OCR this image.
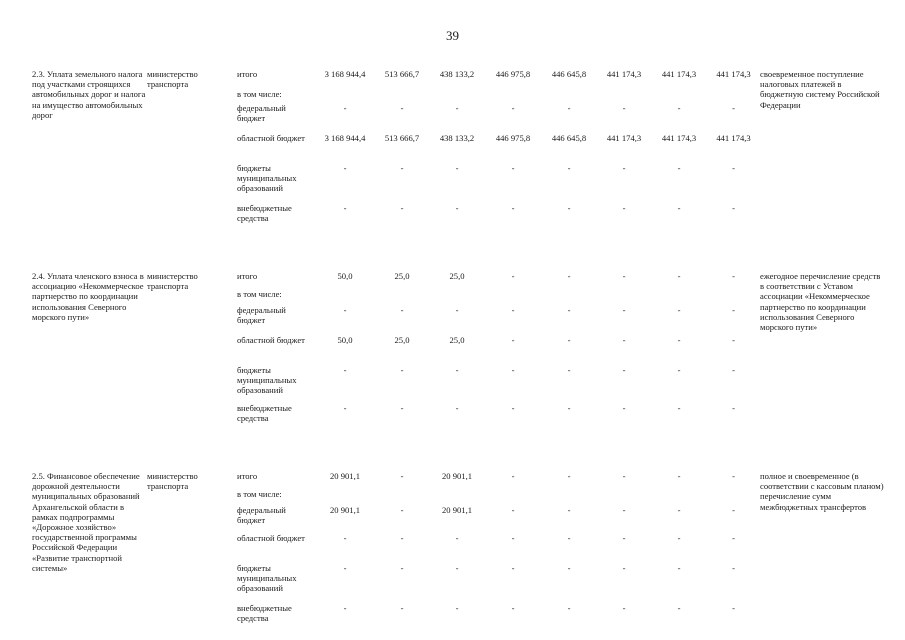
39
2.3. Уплата земельного налога под участками строящихся автомобильных дорог и налога на имущество автомобильных дорог	министерство транспорта	итого	3 168 944,4	513 666,7	438 133,2	446 975,8	446 645,8	441 174,3	441 174,3	441 174,3	своевременное поступление налоговых платежей в бюджетную систему Российской Федерации
		в том числе:									
		федеральный бюджет	-	-	-	-	-	-	-	-	
		областной бюджет	3 168 944,4	513 666,7	438 133,2	446 975,8	446 645,8	441 174,3	441 174,3	441 174,3	
		бюджеты муниципальных образований	-	-	-	-	-	-	-	-	
		внебюджетные средства	-	-	-	-	-	-	-	-	

2.4. Уплата членского взноса в ассоциацию «Некоммерческое партнерство по координации использования Северного морского пути»	министерство транспорта	итого	50,0	25,0	25,0	-	-	-	-	-	ежегодное перечисление средств в соответствии с Уставом ассоциации «Некоммерческое партнерство по координации использования Северного морского пути»
		в том числе:									
		федеральный бюджет	-	-	-	-	-	-	-	-	
		областной бюджет	50,0	25,0	25,0	-	-	-	-	-	
		бюджеты муниципальных образований	-	-	-	-	-	-	-	-	
		внебюджетные средства	-	-	-	-	-	-	-	-	

2.5. Финансовое обеспечение дорожной деятельности муниципальных образований Архангельской области в рамках подпрограммы «Дорожное хозяйство» государственной программы Российской Федерации «Развитие транспортной системы»	министерство транспорта	итого	20 901,1	-	20 901,1	-	-	-	-	-	полное и своевременное (в соответствии с кассовым планом) перечисление сумм межбюджетных трансфертов
		в том числе:									
		федеральный бюджет	20 901,1	-	20 901,1	-	-	-	-	-	
		областной бюджет	-	-	-	-	-	-	-	-	
		бюджеты муниципальных образований	-	-	-	-	-	-	-	-	
		внебюджетные средства	-	-	-	-	-	-	-	-	
